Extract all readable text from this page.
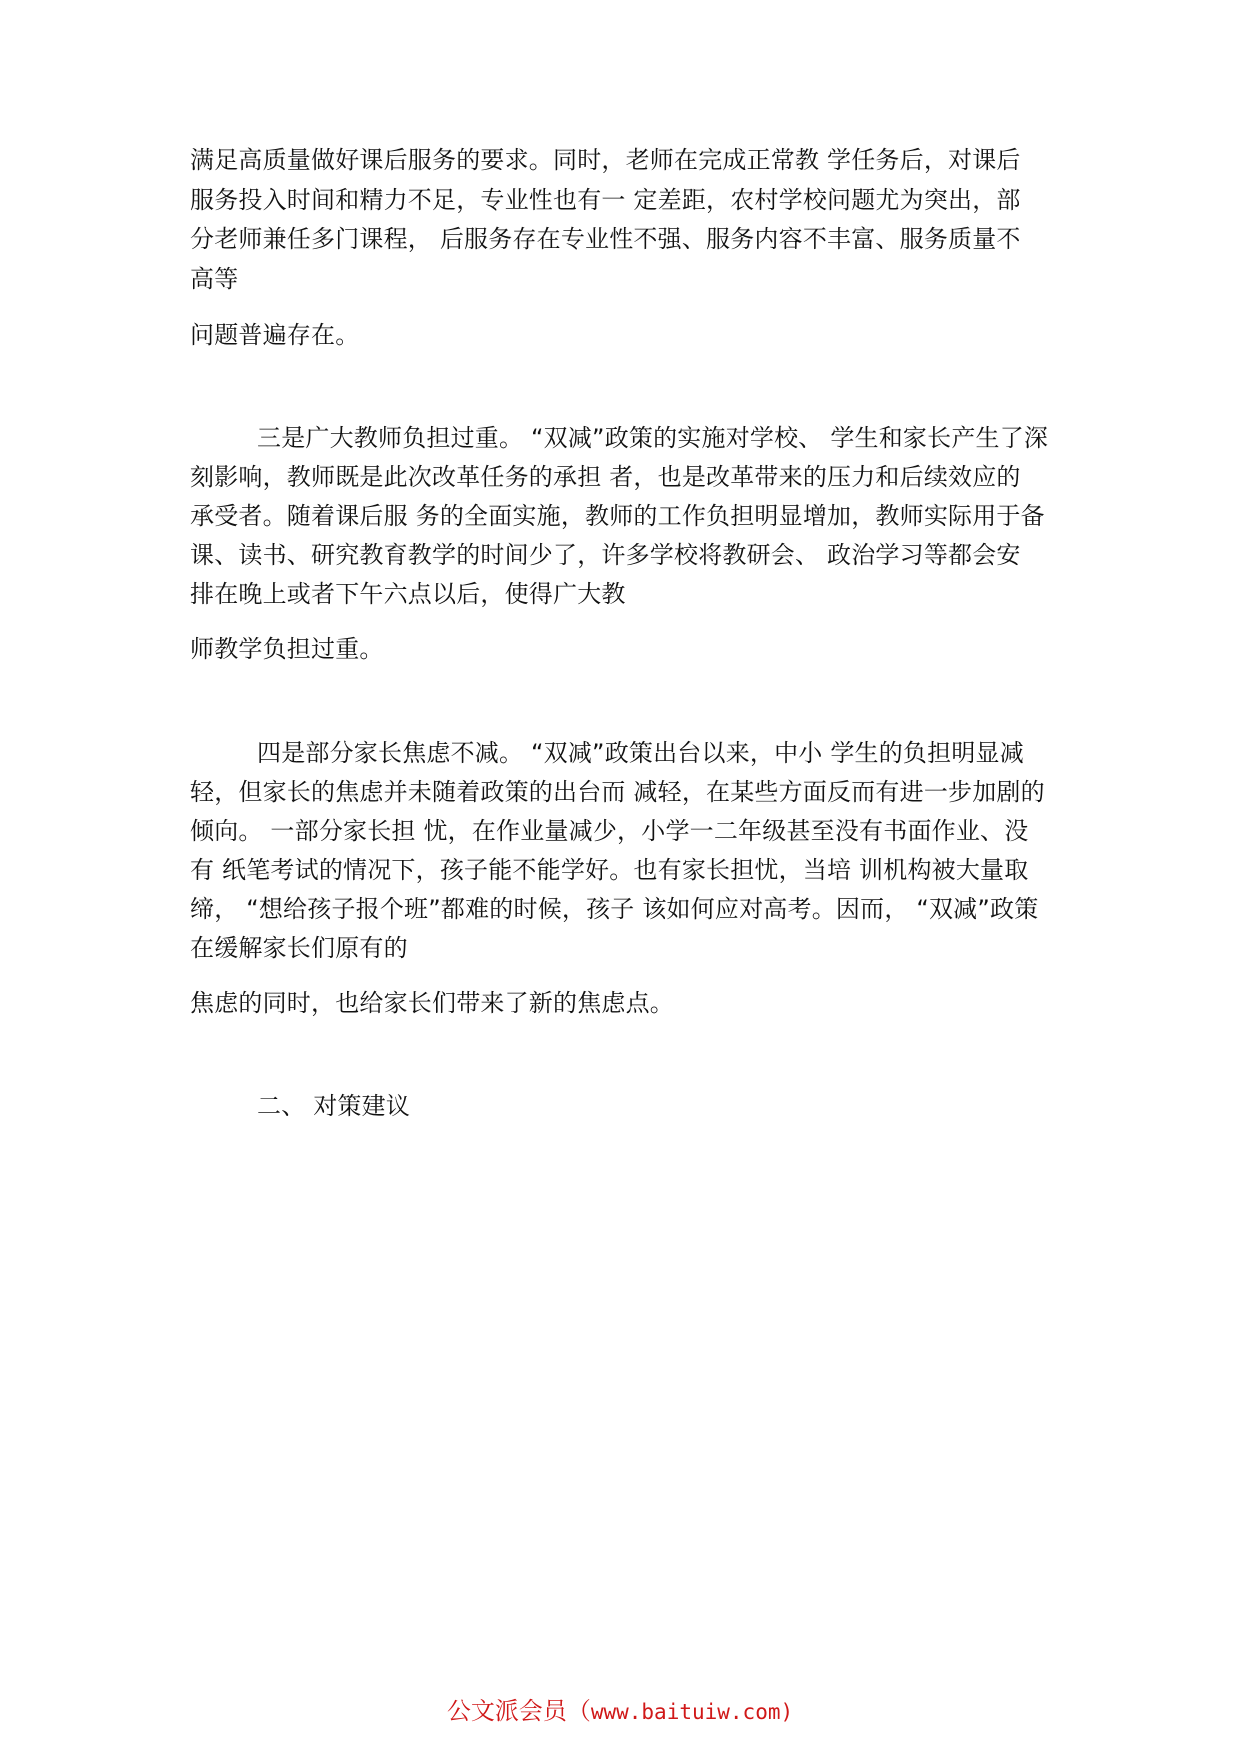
满足高质量做好课后服务的要求。同时，老师在完成正常教 学任务后，对课后
服务投入时间和精力不足，专业性也有一 定差距，农村学校问题尤为突出，部
分老师兼任多门课程， 后服务存在专业性不强、服务内容不丰富、服务质量不
高等
问题普遍存在。
三是广大教师负担过重。 “双减”政策的实施对学校、 学生和家长产生了深
刻影响，教师既是此次改革任务的承担 者，也是改革带来的压力和后续效应的
承受者。随着课后服 务的全面实施，教师的工作负担明显增加，教师实际用于备
课、读书、研究教育教学的时间少了，许多学校将教研会、 政治学习等都会安
排在晚上或者下午六点以后，使得广大教
师教学负担过重。
四是部分家长焦虑不减。 “双减”政策出台以来，中小 学生的负担明显减
轻，但家长的焦虑并未随着政策的出台而 减轻，在某些方面反而有进一步加剧的
倾向。 一部分家长担 忧，在作业量减少，小学一二年级甚至没有书面作业、没
有 纸笔考试的情况下，孩子能不能学好。也有家长担忧，当培 训机构被大量取
缔， “想给孩子报个班”都难的时候，孩子 该如何应对高考。因而， “双减”政策
在缓解家长们原有的
焦虑的同时，也给家长们带来了新的焦虑点。
二、 对策建议
公文派会员（www.baituiw.com)
